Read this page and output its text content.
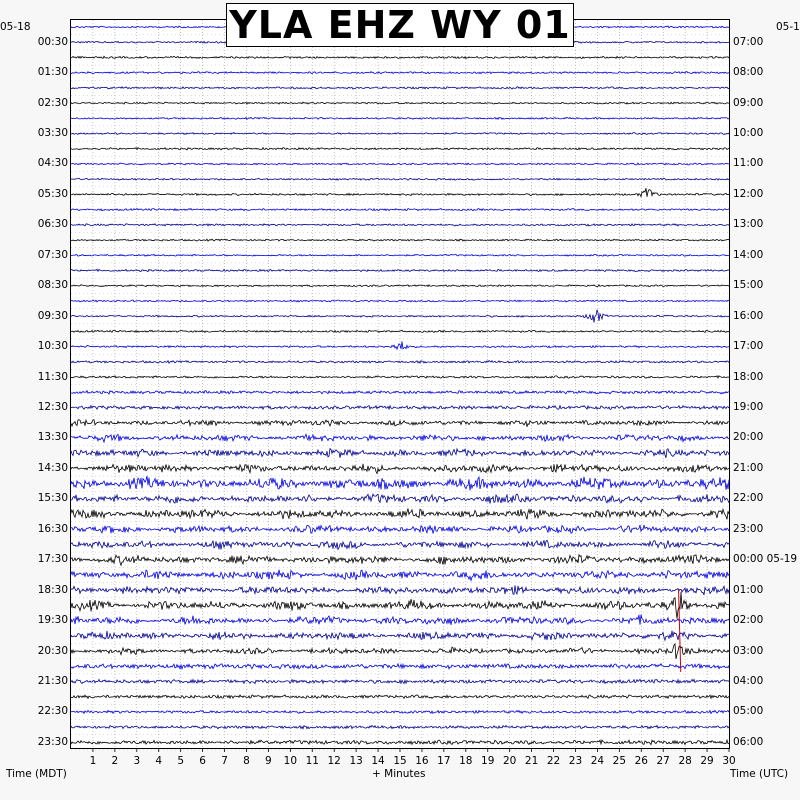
YLA EHZ WY 01
05-18	05-1
00:30
01:30
02:30
03:30
04:30
05:30
06:30
07:30
08:30
09:30
10:30
11:30
12:30
13:30
14:30
15:30
16:30
17:30
18:30
19:30
20:30
21:30
22:30
23:30
07:00
08:00
09:00
10:00
11:00
12:00
13:00
14:00
15:00
16:00
17:00
18:00
19:00
20:00
21:00
22:00
23:00
00:00 05-19
01:00
02:00
03:00
04:00
05:00
06:00
1 2 3 4 5 6 7 8 9 10 11 12 13 14 15 16 17 18 19 20 21 22 23 24 25 26 27 28 29 30
Time (MDT)	+ Minutes	Time (UTC)
